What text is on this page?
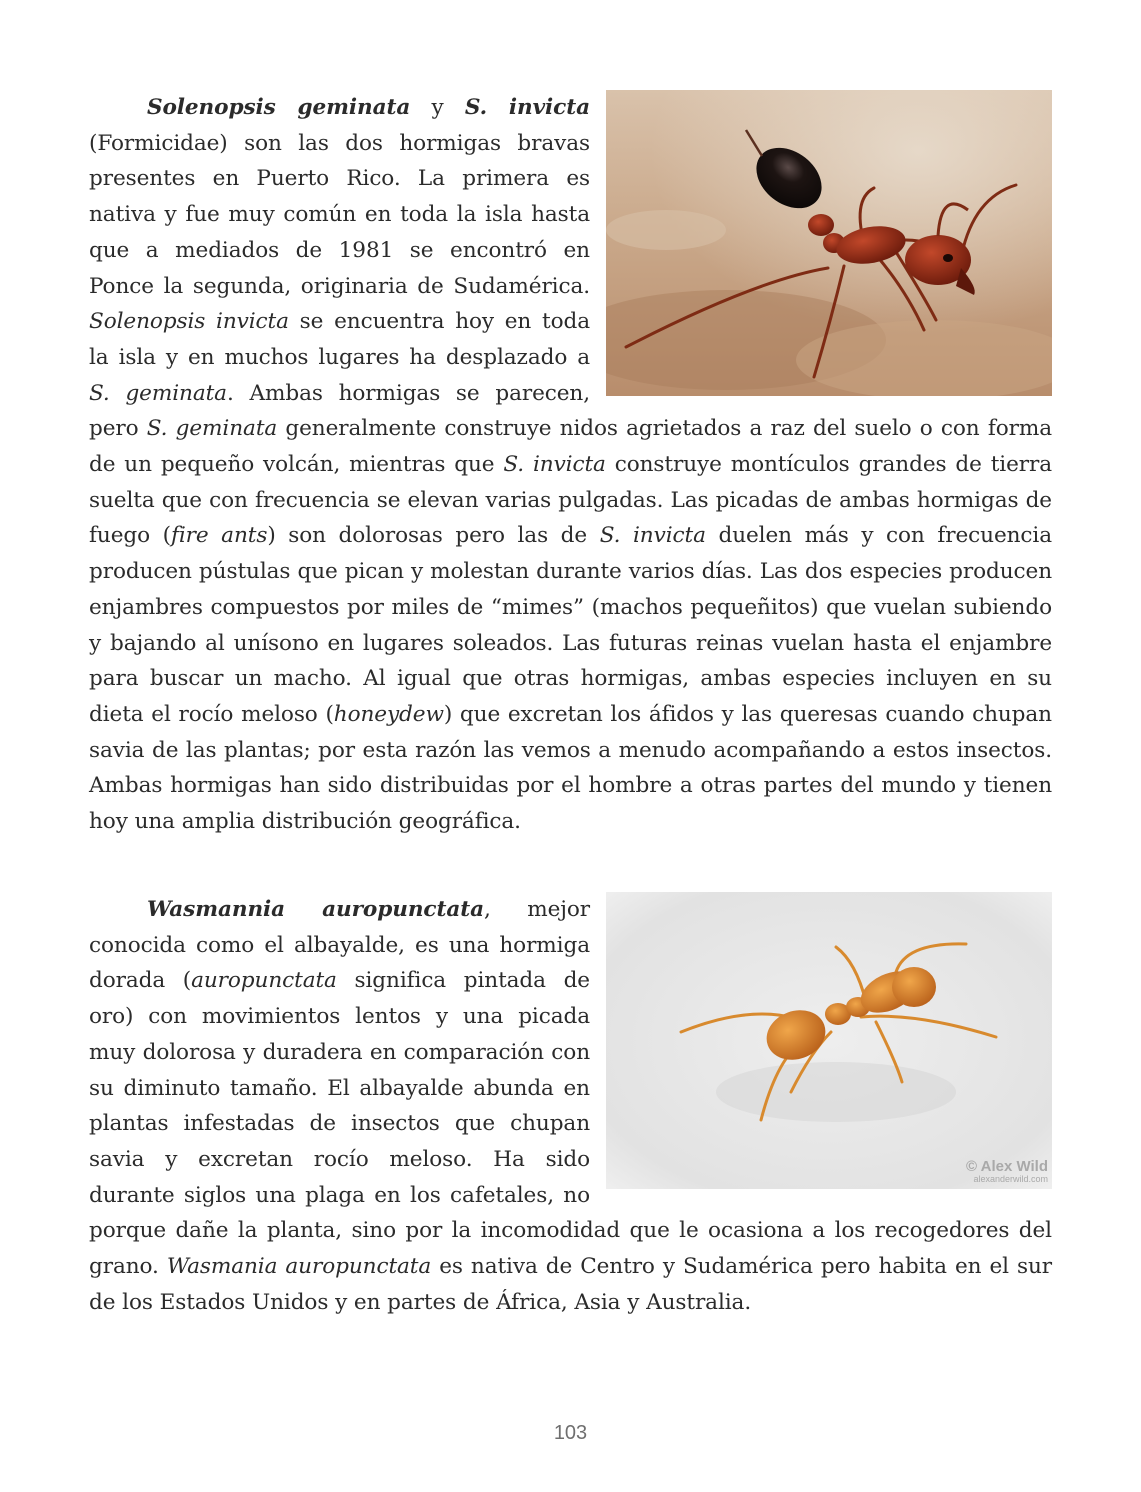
Solenopsis geminata y S. invicta (Formicidae) son las dos hormigas bravas presentes en Puerto Rico. La primera es nativa y fue muy común en toda la isla hasta que a mediados de 1981 se encontró en Ponce la segunda, originaria de Sudamérica. Solenopsis invicta se encuentra hoy en toda la isla y en muchos lugares ha desplazado a S. geminata. Ambas hormigas se parecen, pero S. geminata generalmente construye nidos agrietados a raz del suelo o con forma de un pequeño volcán, mientras que S. invicta construye montículos grandes de tierra suelta que con frecuencia se elevan varias pulgadas. Las picadas de ambas hormigas de fuego (fire ants) son dolorosas pero las de S. invicta duelen más y con frecuencia producen pústulas que pican y molestan durante varios días. Las dos especies producen enjambres compuestos por miles de “mimes” (machos pequeñitos) que vuelan subiendo y bajando al unísono en lugares soleados. Las futuras reinas vuelan hasta el enjambre para buscar un macho. Al igual que otras hormigas, ambas especies incluyen en su dieta el rocío meloso (honeydew) que excretan los áfidos y las queresas cuando chupan savia de las plantas; por esta razón las vemos a menudo acompañando a estos insectos. Ambas hormigas han sido distribuidas por el hombre a otras partes del mundo y tienen hoy una amplia distribución geográfica.

© Alex Wild
alexanderwild.com

Wasmannia auropunctata, mejor conocida como el albayalde, es una hormiga dorada (auropunctata significa pintada de oro) con movimientos lentos y una picada muy dolorosa y duradera en comparación con su diminuto tamaño. El albayalde abunda en plantas infestadas de insectos que chupan savia y excretan rocío meloso. Ha sido durante siglos una plaga en los cafetales, no porque dañe la planta, sino por la incomodidad que le ocasiona a los recogedores del grano. Wasmania auropunctata es nativa de Centro y Sudamérica pero habita en el sur de los Estados Unidos y en partes de África, Asia y Australia.

103
